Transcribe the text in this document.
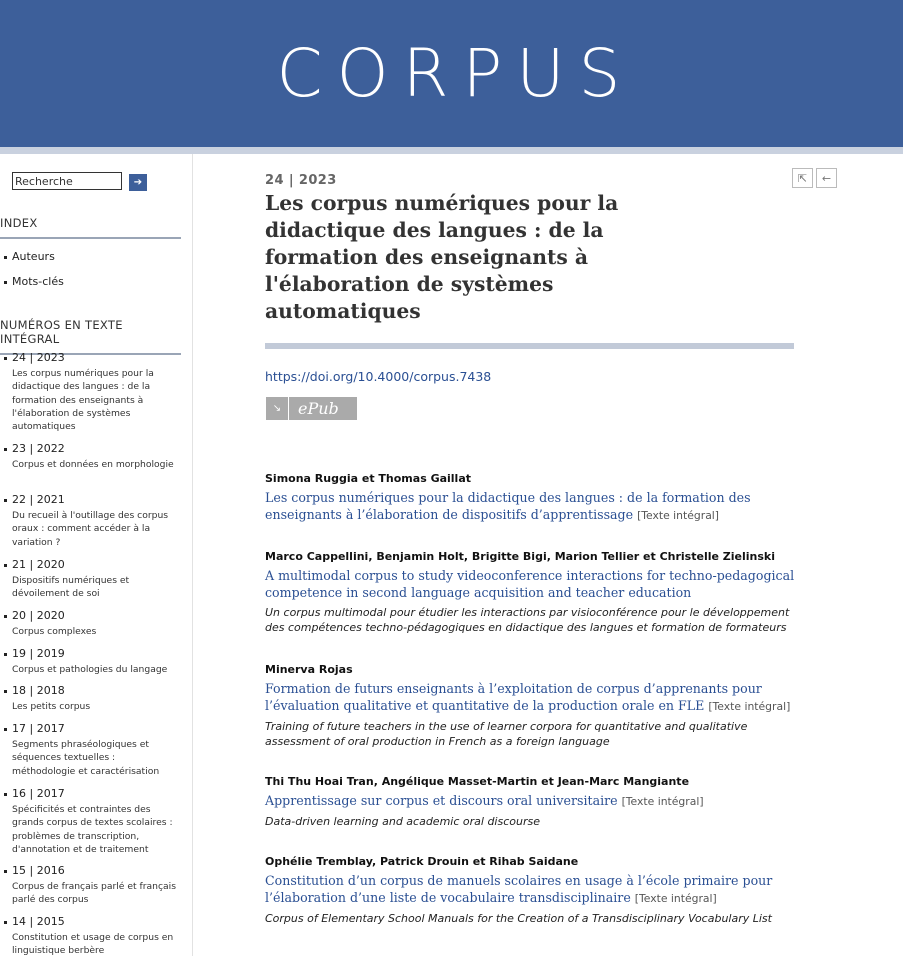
CORPUS
Recherche
➔
INDEX
Auteurs
Mots-clés
NUMÉROS EN TEXTE INTÉGRAL
24 | 2023
Les corpus numériques pour la didactique des langues : de la formation des enseignants à l'élaboration de systèmes automatiques
23 | 2022
Corpus et données en morphologie
22 | 2021
Du recueil à l'outillage des corpus oraux : comment accéder à la variation ?
21 | 2020
Dispositifs numériques et dévoilement de soi
20 | 2020
Corpus complexes
19 | 2019
Corpus et pathologies du langage
18 | 2018
Les petits corpus
17 | 2017
Segments phraséologiques et séquences textuelles : méthodologie et caractérisation
16 | 2017
Spécificités et contraintes des grands corpus de textes scolaires : problèmes de transcription, d'annotation et de traitement
15 | 2016
Corpus de français parlé et français parlé des corpus
14 | 2015
Constitution et usage de corpus en linguistique berbère
⇱ ←
24 | 2023
Les corpus numériques pour la didactique des langues : de la formation des enseignants à l'élaboration de systèmes automatiques
https://doi.org/10.4000/corpus.7438
↘	ePub
Simona Ruggia et Thomas Gaillat
Les corpus numériques pour la didactique des langues : de la formation des enseignants à l’élaboration de dispositifs d’apprentissage [Texte intégral]
Marco Cappellini, Benjamin Holt, Brigitte Bigi, Marion Tellier et Christelle Zielinski
A multimodal corpus to study videoconference interactions for techno-pedagogical competence in second language acquisition and teacher education
Un corpus multimodal pour étudier les interactions par visioconférence pour le développement des compétences techno-pédagogiques en didactique des langues et formation de formateurs
Minerva Rojas
Formation de futurs enseignants à l’exploitation de corpus d’apprenants pour l’évaluation qualitative et quantitative de la production orale en FLE [Texte intégral]
Training of future teachers in the use of learner corpora for quantitative and qualitative assessment of oral production in French as a foreign language
Thi Thu Hoai Tran, Angélique Masset-Martin et Jean-Marc Mangiante
Apprentissage sur corpus et discours oral universitaire [Texte intégral]
Data-driven learning and academic oral discourse
Ophélie Tremblay, Patrick Drouin et Rihab Saidane
Constitution d’un corpus de manuels scolaires en usage à l’école primaire pour l’élaboration d’une liste de vocabulaire transdisciplinaire [Texte intégral]
Corpus of Elementary School Manuals for the Creation of a Transdisciplinary Vocabulary List
